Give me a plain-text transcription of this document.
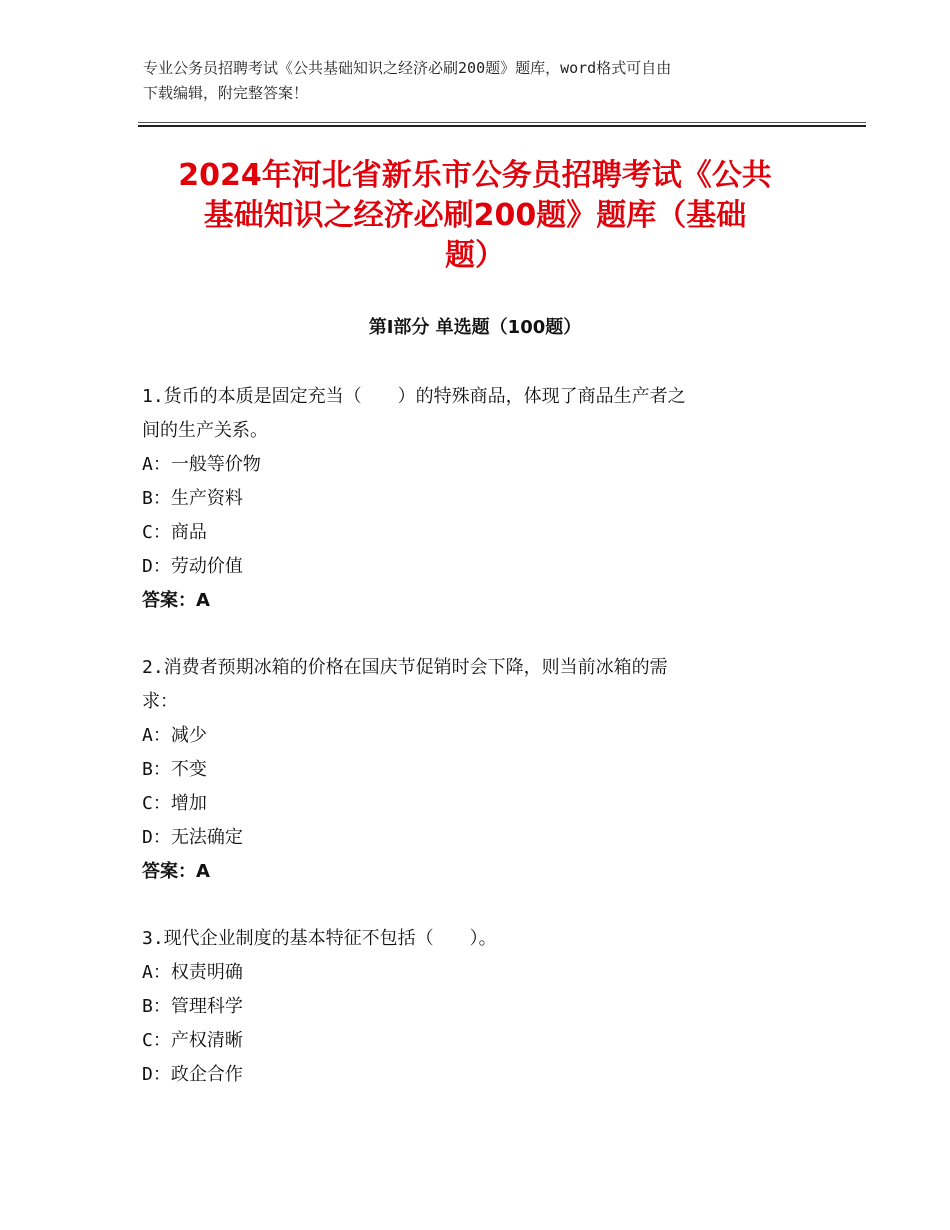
专业公务员招聘考试《公共基础知识之经济必刷200题》题库，word格式可自由
下载编辑，附完整答案！
2024年河北省新乐市公务员招聘考试《公共
基础知识之经济必刷200题》题库（基础
题）
第Ⅰ部分 单选题（100题）
1.货币的本质是固定充当（　　）的特殊商品，体现了商品生产者之
间的生产关系。
A：一般等价物
B：生产资料
C：商品
D：劳动价值
答案：A
2.消费者预期冰箱的价格在国庆节促销时会下降，则当前冰箱的需
求：
A：减少
B：不变
C：增加
D：无法确定
答案：A
3.现代企业制度的基本特征不包括（　　）。
A：权责明确
B：管理科学
C：产权清晰
D：政企合作
